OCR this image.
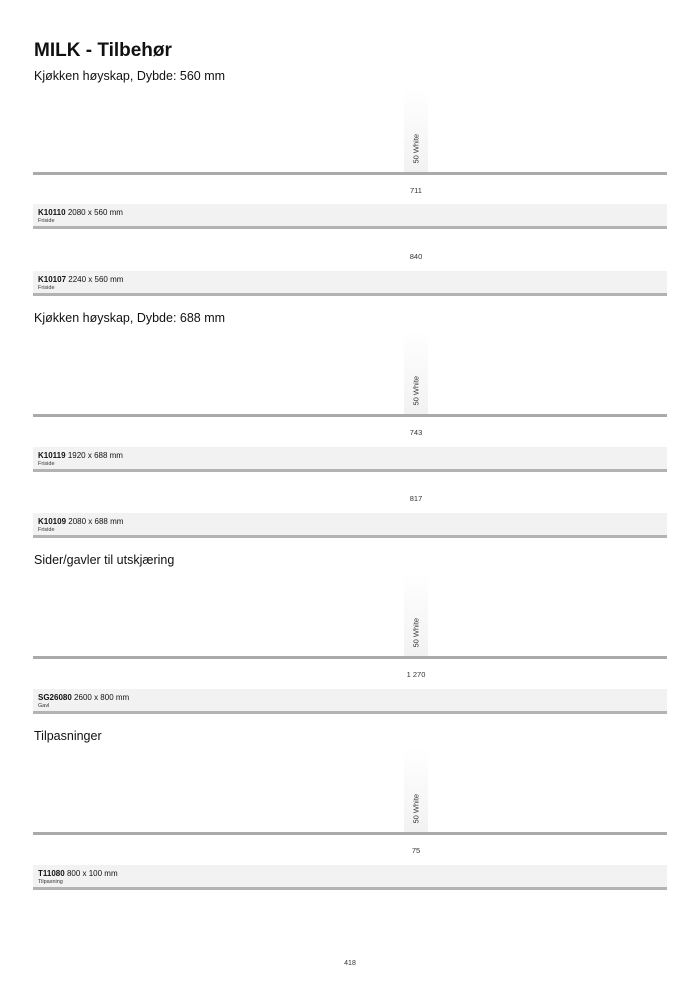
MILK - Tilbehør
Kjøkken høyskap, Dybde: 560 mm
50 White
711
K10110 2080 x 560 mm
Friside
840
K10107 2240 x 560 mm
Friside
Kjøkken høyskap, Dybde: 688 mm
50 White
743
K10119 1920 x 688 mm
Friside
817
K10109 2080 x 688 mm
Friside
Sider/gavler til utskjæring
50 White
1 270
SG26080 2600 x 800 mm
Gavl
Tilpasninger
50 White
75
T11080 800 x 100 mm
Tilpasning
418
